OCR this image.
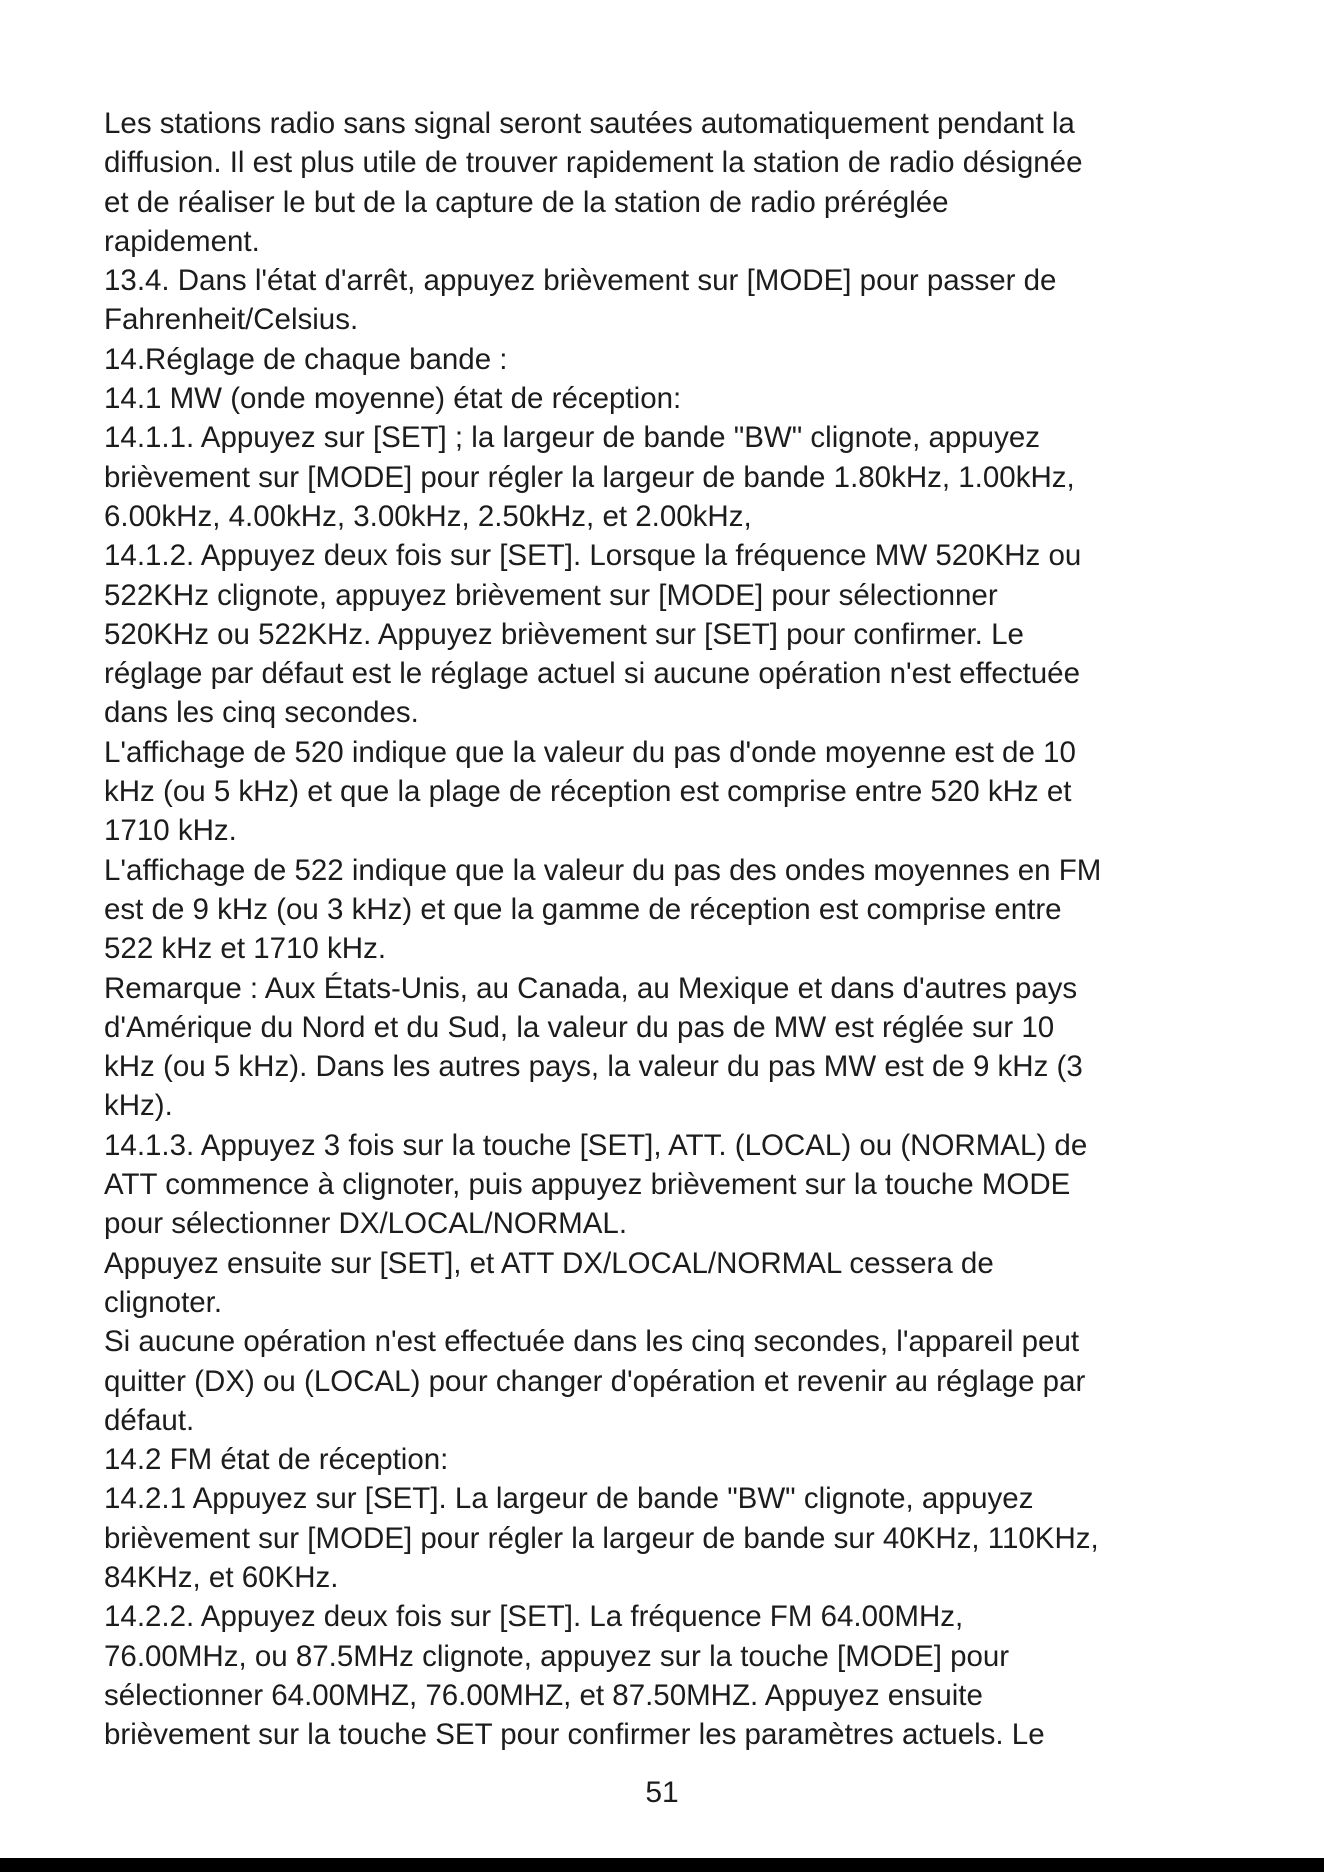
Les stations radio sans signal seront sautées automatiquement pendant la
diffusion. Il est plus utile de trouver rapidement la station de radio désignée
et de réaliser le but de la capture de la station de radio préréglée
rapidement.
13.4. Dans l'état d'arrêt, appuyez brièvement sur [MODE] pour passer de
Fahrenheit/Celsius.
14.Réglage de chaque bande :
14.1 MW (onde moyenne) état de réception:
14.1.1. Appuyez sur [SET] ; la largeur de bande "BW" clignote, appuyez
brièvement sur [MODE] pour régler la largeur de bande 1.80kHz, 1.00kHz,
6.00kHz, 4.00kHz, 3.00kHz, 2.50kHz, et 2.00kHz,
14.1.2. Appuyez deux fois sur [SET]. Lorsque la fréquence MW 520KHz ou
522KHz clignote, appuyez brièvement sur [MODE] pour sélectionner
520KHz ou 522KHz. Appuyez brièvement sur [SET] pour confirmer. Le
réglage par défaut est le réglage actuel si aucune opération n'est effectuée
dans les cinq secondes.
L'affichage de 520 indique que la valeur du pas d'onde moyenne est de 10
kHz (ou 5 kHz) et que la plage de réception est comprise entre 520 kHz et
1710 kHz.
L'affichage de 522 indique que la valeur du pas des ondes moyennes en FM
est de 9 kHz (ou 3 kHz) et que la gamme de réception est comprise entre
522 kHz et 1710 kHz.
Remarque : Aux États-Unis, au Canada, au Mexique et dans d'autres pays
d'Amérique du Nord et du Sud, la valeur du pas de MW est réglée sur 10
kHz (ou 5 kHz). Dans les autres pays, la valeur du pas MW est de 9 kHz (3
kHz).
14.1.3. Appuyez 3 fois sur la touche [SET], ATT. (LOCAL) ou (NORMAL) de
ATT commence à clignoter, puis appuyez brièvement sur la touche MODE
pour sélectionner DX/LOCAL/NORMAL.
Appuyez ensuite sur [SET], et ATT DX/LOCAL/NORMAL cessera de
clignoter.
Si aucune opération n'est effectuée dans les cinq secondes, l'appareil peut
quitter (DX) ou (LOCAL) pour changer d'opération et revenir au réglage par
défaut.
14.2 FM état de réception:
14.2.1 Appuyez sur [SET]. La largeur de bande "BW" clignote, appuyez
brièvement sur [MODE] pour régler la largeur de bande sur 40KHz, 110KHz,
84KHz, et 60KHz.
14.2.2. Appuyez deux fois sur [SET]. La fréquence FM 64.00MHz,
76.00MHz, ou 87.5MHz clignote, appuyez sur la touche [MODE] pour
sélectionner 64.00MHZ, 76.00MHZ, et 87.50MHZ. Appuyez ensuite
brièvement sur la touche SET pour confirmer les paramètres actuels. Le
51
